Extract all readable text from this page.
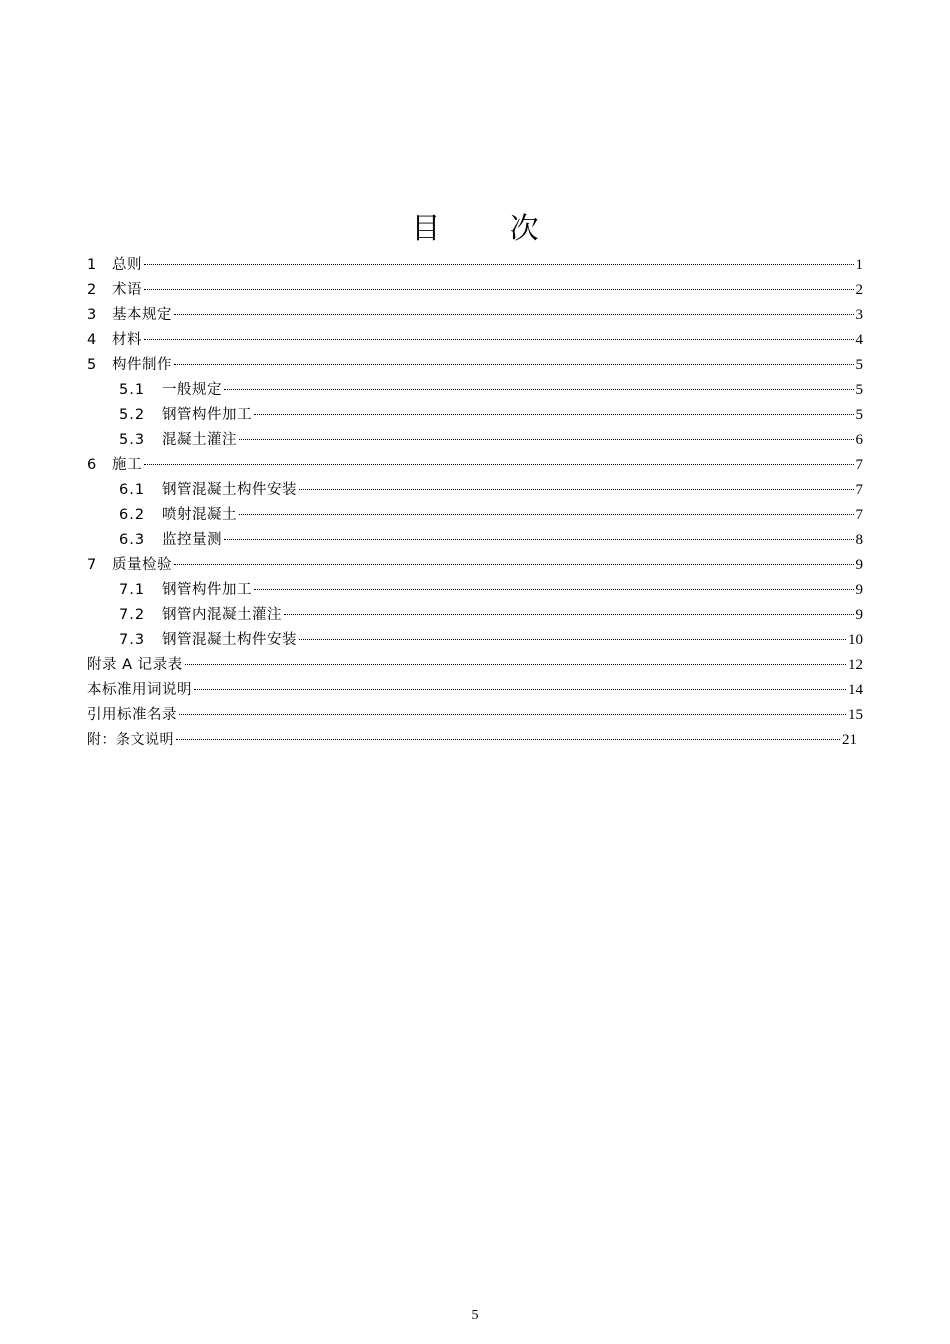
目 次
1	总则	1
2	术语	2
3	基本规定	3
4	材料	4
5	构件制作	5
5.1	一般规定	5
5.2	钢管构件加工	5
5.3	混凝土灌注	6
6	施工	7
6.1	钢管混凝土构件安装	7
6.2	喷射混凝土	7
6.3	监控量测	8
7	质量检验	9
7.1	钢管构件加工	9
7.2	钢管内混凝土灌注	9
7.3	钢管混凝土构件安装	10
附录 A 记录表	12
本标准用词说明	14
引用标准名录	15
附：条文说明	21
5
